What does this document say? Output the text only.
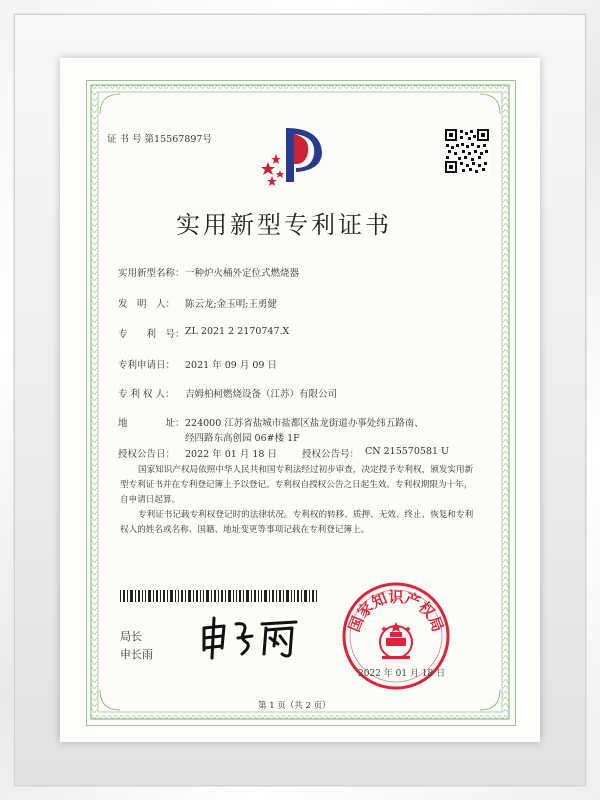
证 书 号 第15567897号
实用新型专利证书
实用新型名称： 一种炉火桶外定位式燃烧器
发　明　人： 陈云龙;金玉明;王勇健
专　　利　号： ZL 2021 2 2170747.X
专利申请日： 2021 年 09 月 09 日
专 利 权 人： 吉姆柏柯燃烧设备（江苏）有限公司
地　　　　址： 224000 江苏省盐城市盐都区盐龙街道办事处纬五路南、
经四路东高创园 06#楼 1F
授权公告日： 2022 年 01 月 18 日	授权公告号： CN 215570581 U
国家知识产权局依照中华人民共和国专利法经过初步审查，决定授予专利权，颁发实用新型专利证书并在专利登记簿上予以登记。专利权自授权公告之日起生效。专利权期限为十年，自申请日起算。
专利证书记载专利权登记时的法律状况。专利权的转移、质押、无效、终止、恢复和专利权人的姓名或名称、国籍、地址变更等事项记载在专利登记簿上。
局长
申长雨
国家知识产权局
2022 年 01 月 18 日
第 1 页（共 2 页）
